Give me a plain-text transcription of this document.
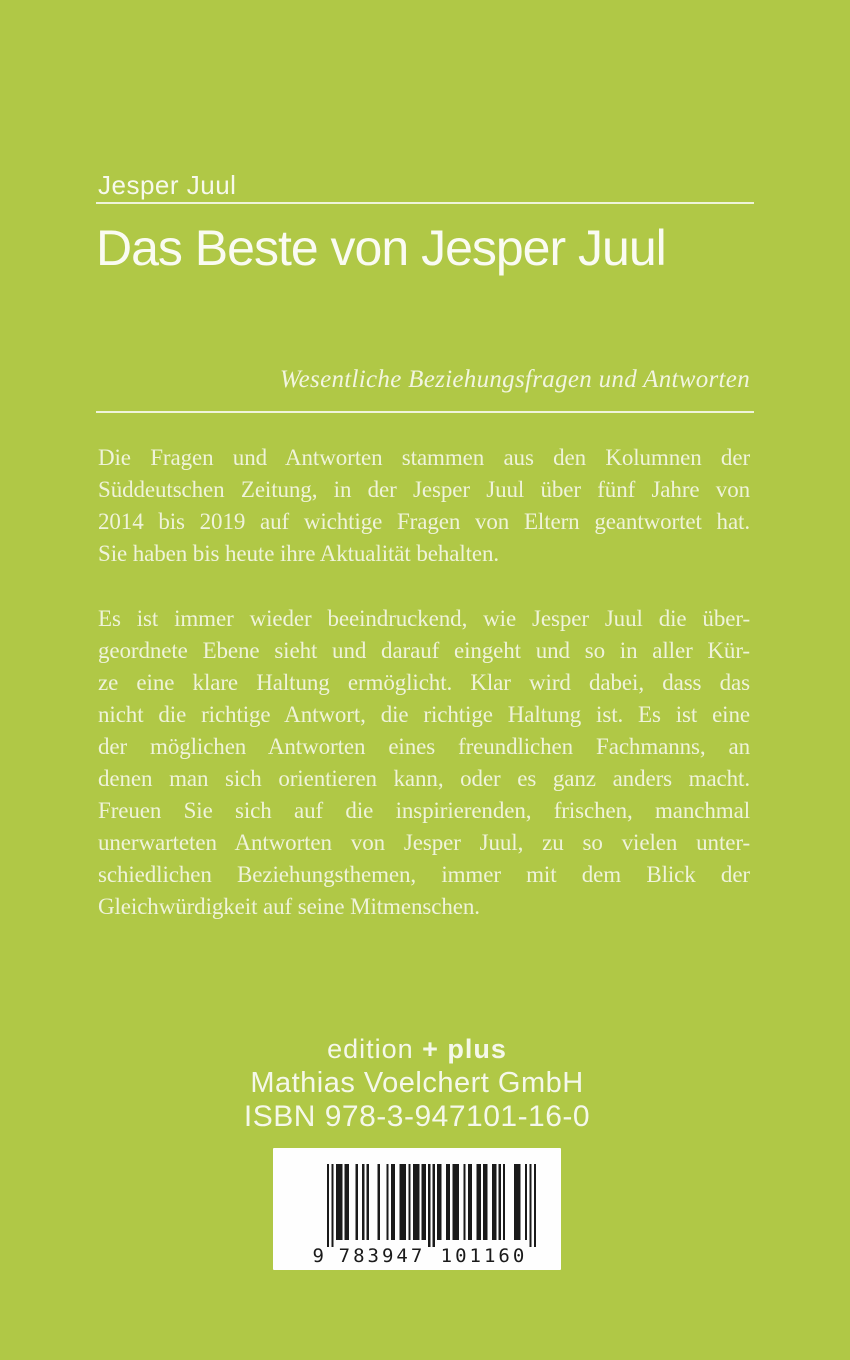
Jesper Juul
Das Beste von Jesper Juul
Wesentliche Beziehungsfragen und Antworten
Die Fragen und Antworten stammen aus den Kolumnen der
Süddeutschen Zeitung, in der Jesper Juul über fünf Jahre von
2014 bis 2019 auf wichtige Fragen von Eltern geantwortet hat.
Sie haben bis heute ihre Aktualität behalten.
Es ist immer wieder beeindruckend, wie Jesper Juul die über-
geordnete Ebene sieht und darauf eingeht und so in aller Kür-
ze eine klare Haltung ermöglicht. Klar wird dabei, dass das
nicht die richtige Antwort, die richtige Haltung ist. Es ist eine
der möglichen Antworten eines freundlichen Fachmanns, an
denen man sich orientieren kann, oder es ganz anders macht.
Freuen Sie sich auf die inspirierenden, frischen, manchmal
unerwarteten Antworten von Jesper Juul, zu so vielen unter-
schiedlichen Beziehungsthemen, immer mit dem Blick der
Gleichwürdigkeit auf seine Mitmenschen.
edition + plus
Mathias Voelchert GmbH
ISBN 978-3-947101-16-0
9 783947 101160
